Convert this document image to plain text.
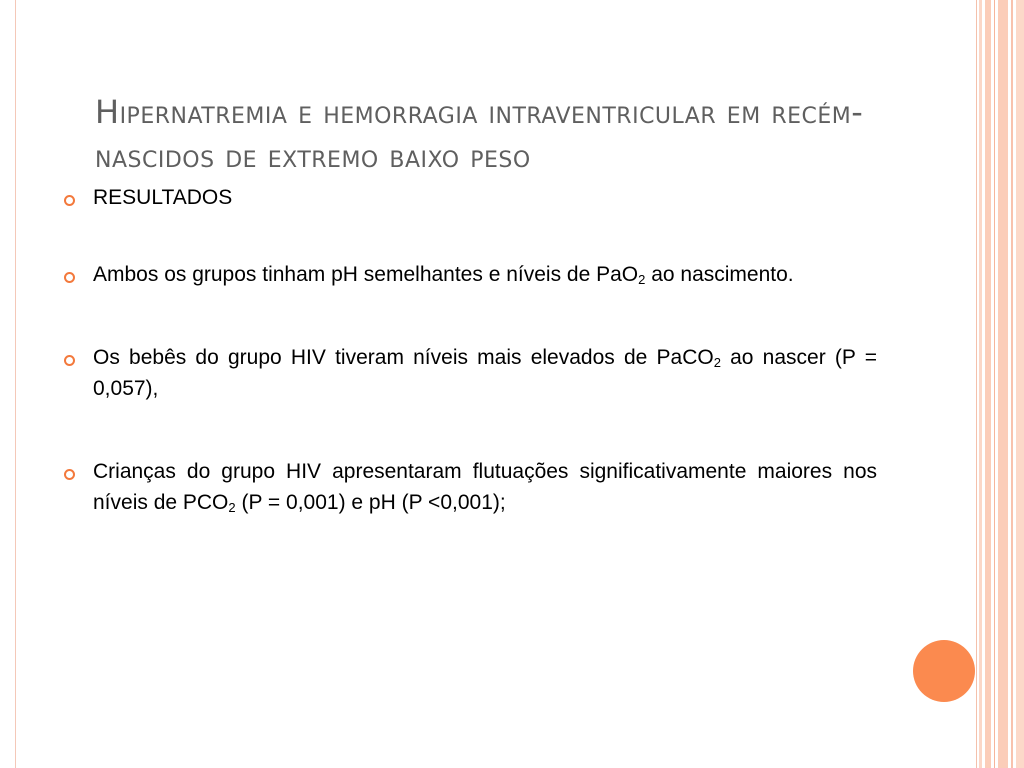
Hipernatremia e hemorragia intraventricular em recém-nascidos de extremo baixo peso
RESULTADOS
Ambos os grupos tinham pH semelhantes e níveis de PaO$_2$ ao nascimento.
Os bebês do grupo HIV tiveram níveis mais elevados de PaCO$_2$ ao nascer (P = 0,057),
Crianças do grupo HIV apresentaram flutuações significativamente maiores nos níveis de $PCO_2$ (P = 0,001) e pH (P <0,001);
